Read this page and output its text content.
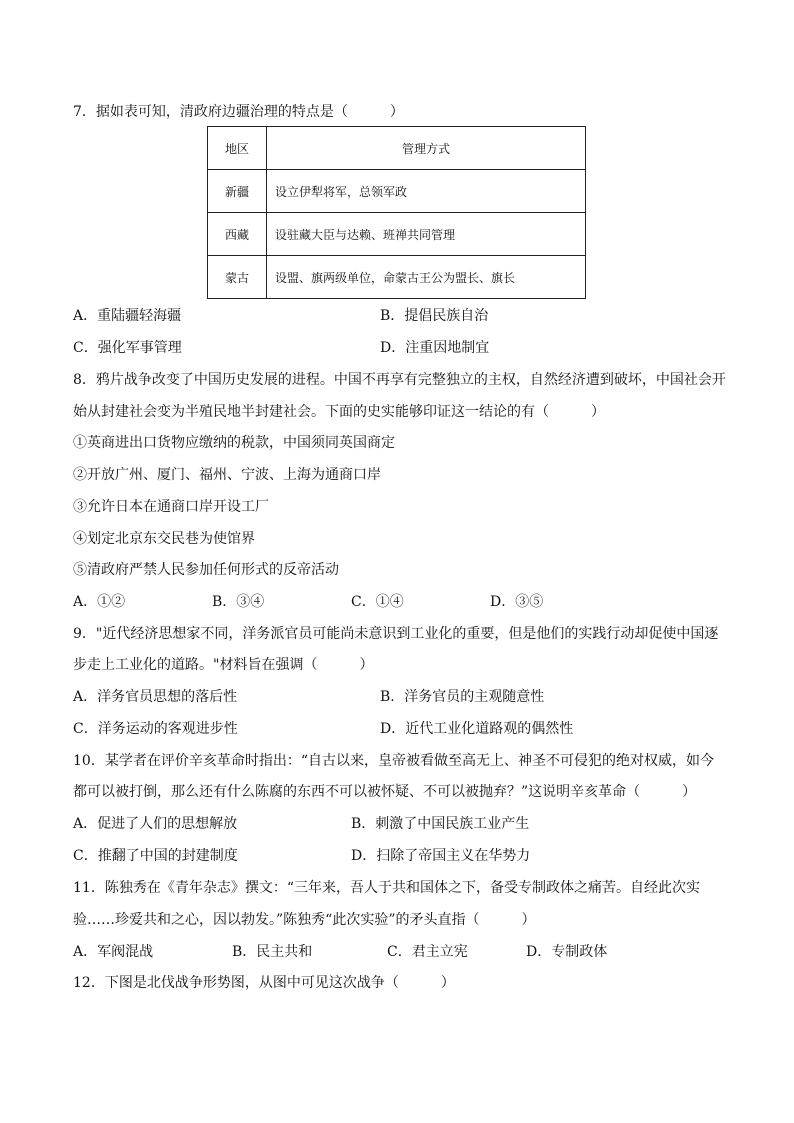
7．据如表可知，清政府边疆治理的特点是（　　　）
地区	管理方式
新疆	设立伊犁将军，总领军政
西藏	设驻藏大臣与达赖、班禅共同管理
蒙古	设盟、旗两级单位，命蒙古王公为盟长、旗长
A．重陆疆轻海疆	B．提倡民族自治
C．强化军事管理	D．注重因地制宜
8．鸦片战争改变了中国历史发展的进程。中国不再享有完整独立的主权，自然经济遭到破坏，中国社会开
始从封建社会变为半殖民地半封建社会。下面的史实能够印证这一结论的有（　　　）
①英商进出口货物应缴纳的税款，中国须同英国商定
②开放广州、厦门、福州、宁波、上海为通商口岸
③允许日本在通商口岸开设工厂
④划定北京东交民巷为使馆界
⑤清政府严禁人民参加任何形式的反帝活动
A．①②	B．③④	C．①④	D．③⑤
9．"近代经济思想家不同，洋务派官员可能尚未意识到工业化的重要，但是他们的实践行动却促使中国逐
步走上工业化的道路。"材料旨在强调（　　　）
A．洋务官员思想的落后性	B．洋务官员的主观随意性
C．洋务运动的客观进步性	D．近代工业化道路观的偶然性
10．某学者在评价辛亥革命时指出：“自古以来，皇帝被看做至高无上、神圣不可侵犯的绝对权威，如今
都可以被打倒，那么还有什么陈腐的东西不可以被怀疑、不可以被抛弃？”这说明辛亥革命（　　　）
A．促进了人们的思想解放	B．刺激了中国民族工业产生
C．推翻了中国的封建制度	D．扫除了帝国主义在华势力
11．陈独秀在《青年杂志》撰文：“三年来，吾人于共和国体之下，备受专制政体之痛苦。自经此次实
验……珍爱共和之心，因以勃发。”陈独秀“此次实验”的矛头直指（　　　）
A．军阀混战	B．民主共和	C．君主立宪	D．专制政体
12．下图是北伐战争形势图，从图中可见这次战争（　　　）
